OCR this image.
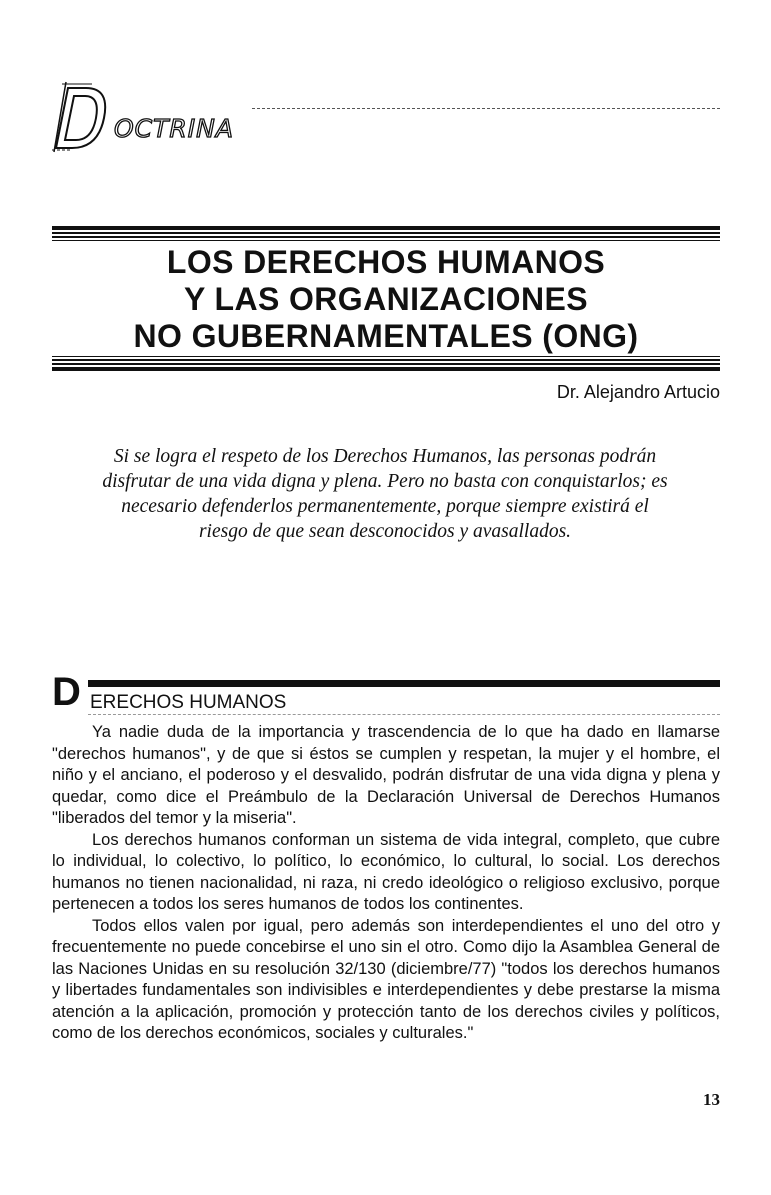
D OCTRINA
LOS DERECHOS HUMANOS
Y LAS ORGANIZACIONES
NO GUBERNAMENTALES (ONG)
Dr. Alejandro Artucio
Si se logra el respeto de los Derechos Humanos, las personas podrán disfrutar de una vida digna y plena. Pero no basta con conquistarlos; es necesario defenderlos permanentemente, porque siempre existirá el riesgo de que sean desconocidos y avasallados.
D ERECHOS HUMANOS

Ya nadie duda de la importancia y trascendencia de lo que ha dado en llamarse "derechos humanos", y de que si éstos se cumplen y respetan, la mujer y el hombre, el niño y el anciano, el poderoso y el desvalido, podrán disfrutar de una vida digna y plena y quedar, como dice el Preámbulo de la Declaración Universal de Derechos Humanos "liberados del temor y la miseria".

Los derechos humanos conforman un sistema de vida integral, completo, que cubre lo individual, lo colectivo, lo político, lo económico, lo cultural, lo social. Los derechos humanos no tienen nacionalidad, ni raza, ni credo ideológico o religioso exclusivo, porque pertenecen a todos los seres humanos de todos los continentes.

Todos ellos valen por igual, pero además son interdependientes el uno del otro y frecuentemente no puede concebirse el uno sin el otro. Como dijo la Asamblea General de las Naciones Unidas en su resolución 32/130 (diciembre/77) "todos los derechos humanos y libertades fundamentales son indivisibles e interdependientes y debe prestarse la misma atención a la aplicación, promoción y protección tanto de los derechos civiles y políticos, como de los derechos económicos, sociales y culturales."

13
